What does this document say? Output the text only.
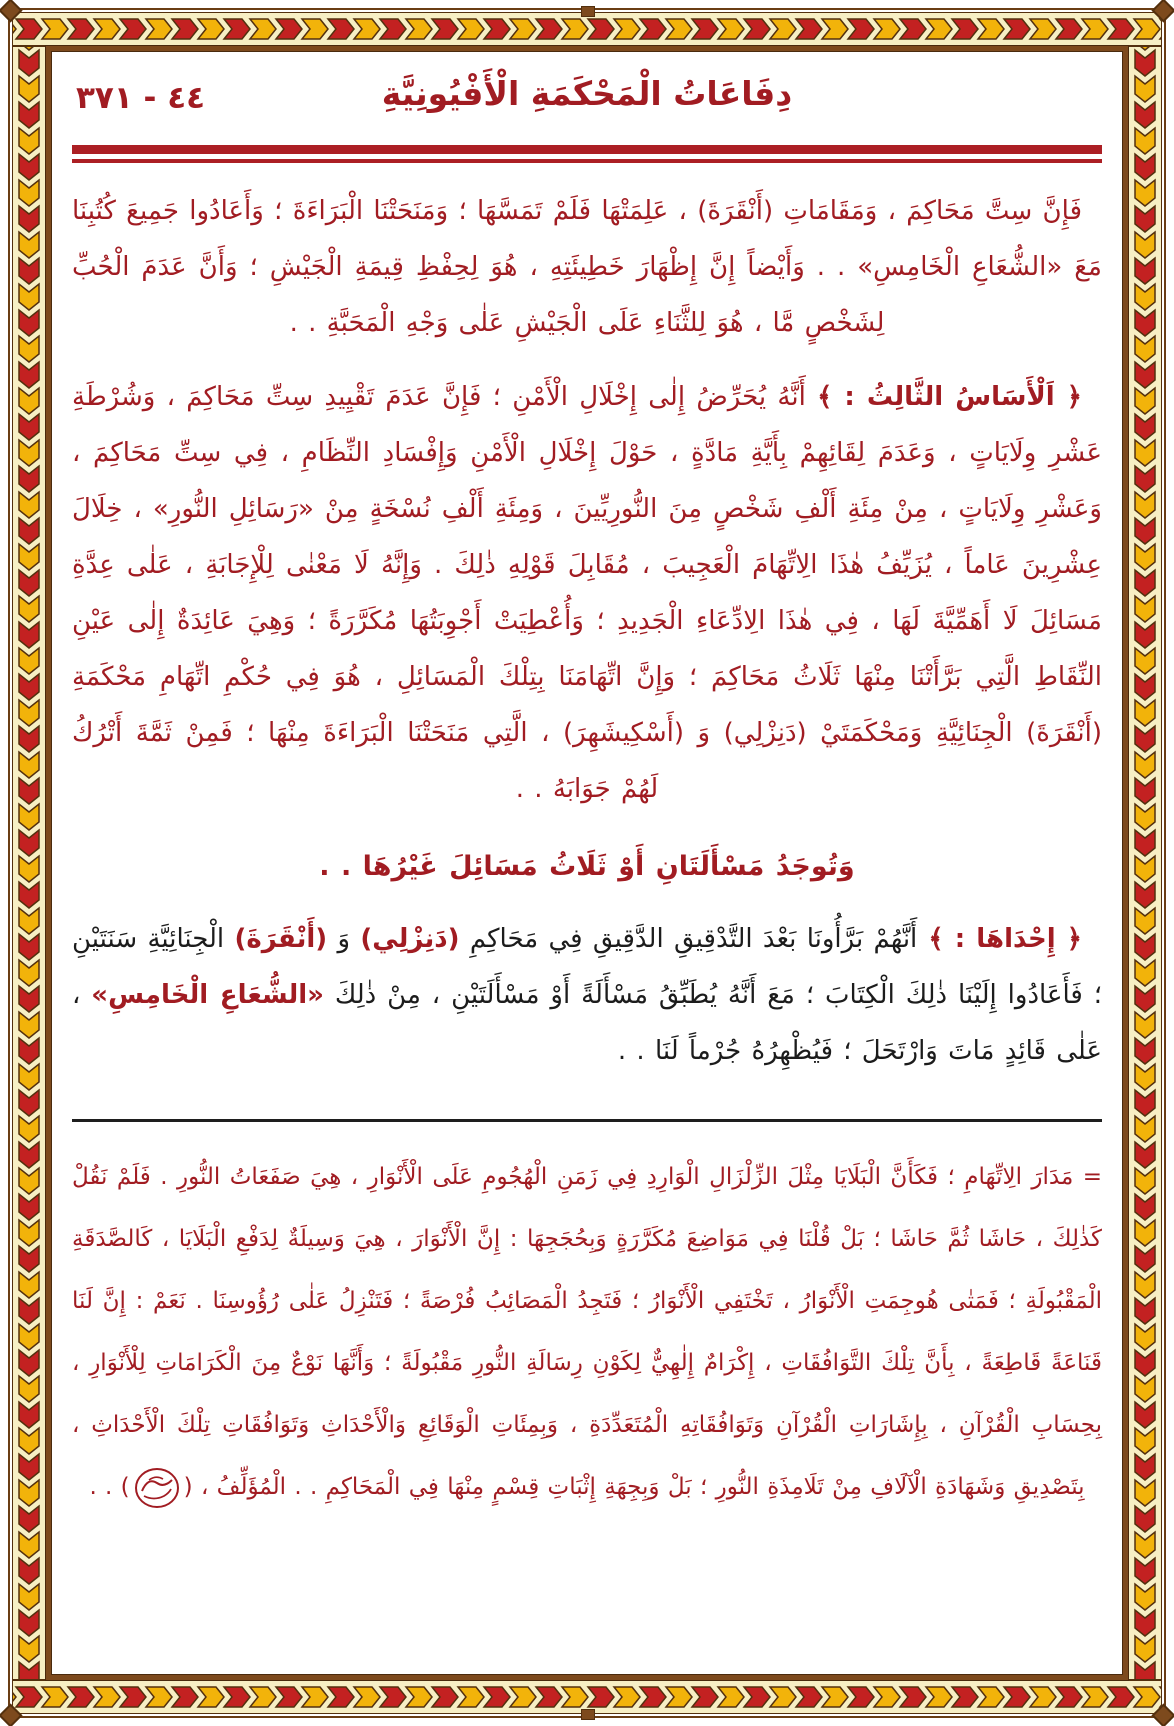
٤٤ - ٣٧١	دِفَاعَاتُ الْمَحْكَمَةِ الْأَفْيُونِيَّةِ

فَإِنَّ سِتَّ مَحَاكِمَ ، وَمَقَامَاتِ (أَنْقَرَةَ) ، عَلِمَتْهَا فَلَمْ تَمَسَّهَا ؛ وَمَنَحَتْنَا الْبَرَاءَةَ ؛ وَأَعَادُوا جَمِيعَ كُتُبِنَا مَعَ «الشُّعَاعِ الْخَامِسِ» . . وَأَيْضاً إِنَّ إِظْهَارَ خَطِيئَتِهِ ، هُوَ لِحِفْظِ قِيمَةِ الْجَيْشِ ؛ وَأَنَّ عَدَمَ الْحُبِّ لِشَخْصٍ مَّا ، هُوَ لِلثَّنَاءِ عَلَى الْجَيْشِ عَلٰى وَجْهِ الْمَحَبَّةِ . .

﴿ اَلْأَسَاسُ الثَّالِثُ : ﴾ أَنَّهُ يُحَرِّضُ إِلٰى إِخْلَالِ الْأَمْنِ ؛ فَإِنَّ عَدَمَ تَقْيِيدِ سِتِّ مَحَاكِمَ ، وَشُرْطَةِ عَشْرِ وِلَايَاتٍ ، وَعَدَمَ لِقَائِهِمْ بِأَيَّةِ مَادَّةٍ ، حَوْلَ إِخْلَالِ الْأَمْنِ وَإِفْسَادِ النِّظَامِ ، فِي سِتِّ مَحَاكِمَ ، وَعَشْرِ وِلَايَاتٍ ، مِنْ مِئَةِ أَلْفِ شَخْصٍ مِنَ النُّورِيِّينَ ، وَمِئَةِ أَلْفِ نُسْخَةٍ مِنْ «رَسَائِلِ النُّورِ» ، خِلَالَ عِشْرِينَ عَاماً ، يُزَيِّفُ هٰذَا الِاتِّهَامَ الْعَجِيبَ ، مُقَابِلَ قَوْلِهِ ذٰلِكَ . وَإِنَّهُ لَا مَعْنٰى لِلْإِجَابَةِ ، عَلٰى عِدَّةِ مَسَائِلَ لَا أَهَمِّيَّةَ لَهَا ، فِي هٰذَا الِادِّعَاءِ الْجَدِيدِ ؛ وَأُعْطِيَتْ أَجْوِبَتُهَا مُكَرَّرَةً ؛ وَهِيَ عَائِدَةٌ إِلٰى عَيْنِ النِّقَاطِ الَّتِي بَرَّأَتْنَا مِنْهَا ثَلَاثُ مَحَاكِمَ ؛ وَإِنَّ اتِّهَامَنَا بِتِلْكَ الْمَسَائِلِ ، هُوَ فِي حُكْمِ اتِّهَامِ مَحْكَمَةِ (أَنْقَرَةَ) الْجِنَائِيَّةِ وَمَحْكَمَتَيْ (دَنِزْلِي) وَ (أَسْكِيشَهِرَ) ، الَّتِي مَنَحَتْنَا الْبَرَاءَةَ مِنْهَا ؛ فَمِنْ ثَمَّةَ أَتْرُكُ لَهُمْ جَوَابَهُ . .

وَتُوجَدُ مَسْأَلَتَانِ أَوْ ثَلَاثُ مَسَائِلَ غَيْرُهَا . .

﴿ إِحْدَاهَا : ﴾ أَنَّهُمْ بَرَّأُونَا بَعْدَ التَّدْقِيقِ الدَّقِيقِ فِي مَحَاكِمِ (دَنِزْلِي) وَ (أَنْقَرَةَ) الْجِنَائِيَّةِ سَنَتَيْنِ ؛ فَأَعَادُوا إِلَيْنَا ذٰلِكَ الْكِتَابَ ؛ مَعَ أَنَّهُ يُطَبِّقُ مَسْأَلَةً أَوْ مَسْأَلَتَيْنِ ، مِنْ ذٰلِكَ «الشُّعَاعِ الْخَامِسِ» ، عَلٰى قَائِدٍ مَاتَ وَارْتَحَلَ ؛ فَيُظْهِرُهُ جُرْماً لَنَا . .

= مَدَارَ الِاتِّهَامِ ؛ فَكَأَنَّ الْبَلَايَا مِثْلَ الزِّلْزَالِ الْوَارِدِ فِي زَمَنِ الْهُجُومِ عَلَى الْأَنْوَارِ ، هِيَ صَفَعَاتُ النُّورِ . فَلَمْ نَقُلْ كَذٰلِكَ ، حَاشَا ثُمَّ حَاشَا ؛ بَلْ قُلْنَا فِي مَوَاضِعَ مُكَرَّرَةٍ وَبِحُجَجِهَا : إِنَّ الْأَنْوَارَ ، هِيَ وَسِيلَةٌ لِدَفْعِ الْبَلَايَا ، كَالصَّدَقَةِ الْمَقْبُولَةِ ؛ فَمَتٰى هُوجِمَتِ الْأَنْوَارُ ، تَخْتَفِي الْأَنْوَارُ ؛ فَتَجِدُ الْمَصَائِبُ فُرْصَةً ؛ فَتَنْزِلُ عَلٰى رُؤُوسِنَا . نَعَمْ : إِنَّ لَنَا قَنَاعَةً قَاطِعَةً ، بِأَنَّ تِلْكَ التَّوَافُقَاتِ ، إِكْرَامٌ إِلٰهِيٌّ لِكَوْنِ رِسَالَةِ النُّورِ مَقْبُولَةً ؛ وَأَنَّهَا نَوْعٌ مِنَ الْكَرَامَاتِ لِلْأَنْوَارِ ، بِحِسَابِ الْقُرْآنِ ، بِإِشَارَاتِ الْقُرْآنِ وَتَوَافُقَاتِهِ الْمُتَعَدِّدَةِ ، وَبِمِئَاتِ الْوَقَائِعِ وَالْأَحْدَاثِ وَتَوَافُقَاتِ تِلْكَ الْأَحْدَاثِ ، بِتَصْدِيقِ وَشَهَادَةِ الْآلَافِ مِنْ تَلَامِذَةِ النُّورِ ؛ بَلْ وَبِجِهَةِ إِثْبَاتِ قِسْمٍ مِنْهَا فِي الْمَحَاكِمِ . . الْمُؤَلِّفُ ، () . .
